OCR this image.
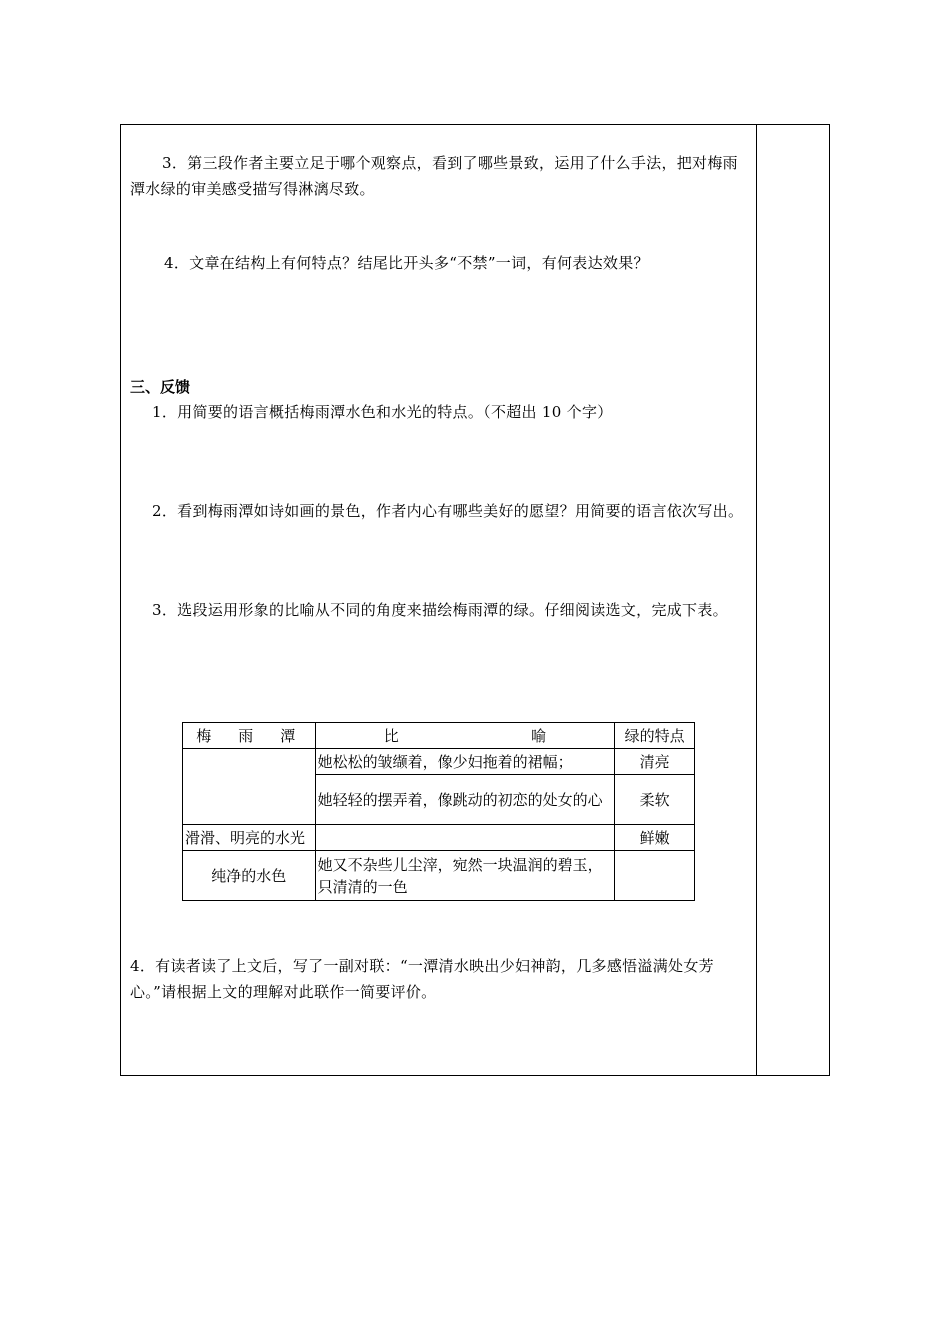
3．第三段作者主要立足于哪个观察点，看到了哪些景致，运用了什么手法，把对梅雨潭水绿的审美感受描写得淋漓尽致。
4．文章在结构上有何特点？结尾比开头多“不禁”一词，有何表达效果？
三、反馈
1．用简要的语言概括梅雨潭水色和水光的特点。（不超出 10 个字）
2．看到梅雨潭如诗如画的景色，作者内心有哪些美好的愿望？用简要的语言依次写出。
3．选段运用形象的比喻从不同的角度来描绘梅雨潭的绿。仔细阅读选文，完成下表。
梅　雨　潭	比 喻	绿的特点
	她松松的皱缬着，像少妇拖着的裙幅；	清亮
	她轻轻的摆弄着，像跳动的初恋的处女的心	柔软
滑滑、明亮的水光		鲜嫩
纯净的水色	她又不杂些儿尘滓，宛然一块温润的碧玉，只清清的一色	
4．有读者读了上文后，写了一副对联：“一潭清水映出少妇神韵，几多感悟溢满处女芳心。”请根据上文的理解对此联作一简要评价。
